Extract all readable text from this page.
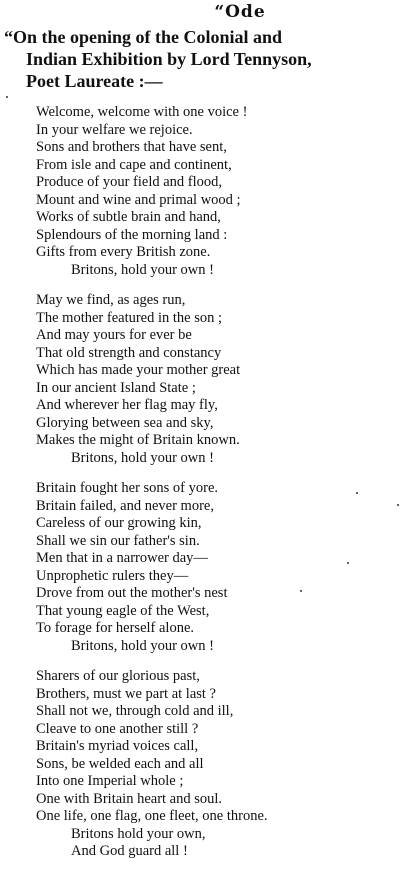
“Ode
“On the opening of the Colonial and
Indian Exhibition by Lord Tennyson,
Poet Laureate :—
Welcome, welcome with one voice !
In your welfare we rejoice.
Sons and brothers that have sent,
From isle and cape and continent,
Produce of your field and flood,
Mount and wine and primal wood ;
Works of subtle brain and hand,
Splendours of the morning land :
Gifts from every British zone.
Britons, hold your own !
May we find, as ages run,
The mother featured in the son ;
And may yours for ever be
That old strength and constancy
Which has made your mother great
In our ancient Island State ;
And wherever her flag may fly,
Glorying between sea and sky,
Makes the might of Britain known.
Britons, hold your own !
Britain fought her sons of yore.
Britain failed, and never more,
Careless of our growing kin,
Shall we sin our father's sin.
Men that in a narrower day—
Unprophetic rulers they—
Drove from out the mother's nest
That young eagle of the West,
To forage for herself alone.
Britons, hold your own !
Sharers of our glorious past,
Brothers, must we part at last ?
Shall not we, through cold and ill,
Cleave to one another still ?
Britain's myriad voices call,
Sons, be welded each and all
Into one Imperial whole ;
One with Britain heart and soul.
One life, one flag, one fleet, one throne.
Britons hold your own,
And God guard all !
